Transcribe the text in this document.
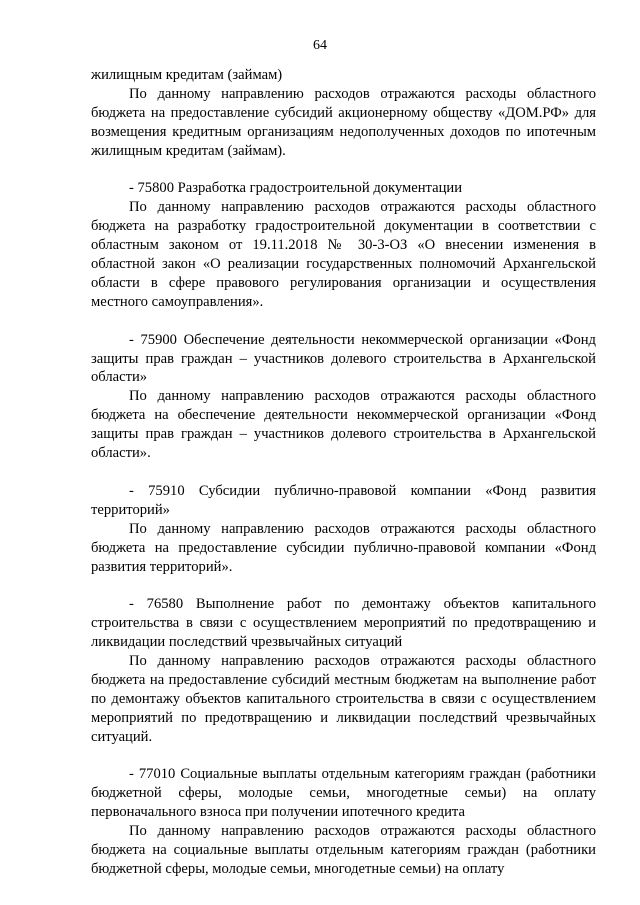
64

жилищным кредитам (займам)

По данному направлению расходов отражаются расходы областного бюджета на предоставление субсидий акционерному обществу «ДОМ.РФ» для возмещения кредитным организациям недополученных доходов по ипотечным жилищным кредитам (займам).

- 75800 Разработка градостроительной документации

По данному направлению расходов отражаются расходы областного бюджета на разработку градостроительной документации в соответствии с областным законом от 19.11.2018 № 30-3-ОЗ «О внесении изменения в областной закон «О реализации государственных полномочий Архангельской области в сфере правового регулирования организации и осуществления местного самоуправления».

- 75900 Обеспечение деятельности некоммерческой организации «Фонд защиты прав граждан – участников долевого строительства в Архангельской области»

По данному направлению расходов отражаются расходы областного бюджета на обеспечение деятельности некоммерческой организации «Фонд защиты прав граждан – участников долевого строительства в Архангельской области».

- 75910 Субсидии публично-правовой компании «Фонд развития территорий»

По данному направлению расходов отражаются расходы областного бюджета на предоставление субсидии публично-правовой компании «Фонд развития территорий».

- 76580 Выполнение работ по демонтажу объектов капитального строительства в связи с осуществлением мероприятий по предотвращению и ликвидации последствий чрезвычайных ситуаций

По данному направлению расходов отражаются расходы областного бюджета на предоставление субсидий местным бюджетам на выполнение работ по демонтажу объектов капитального строительства в связи с осуществлением мероприятий по предотвращению и ликвидации последствий чрезвычайных ситуаций.

- 77010 Социальные выплаты отдельным категориям граждан (работники бюджетной сферы, молодые семьи, многодетные семьи) на оплату первоначального взноса при получении ипотечного кредита

По данному направлению расходов отражаются расходы областного бюджета на социальные выплаты отдельным категориям граждан (работники бюджетной сферы, молодые семьи, многодетные семьи) на оплату
